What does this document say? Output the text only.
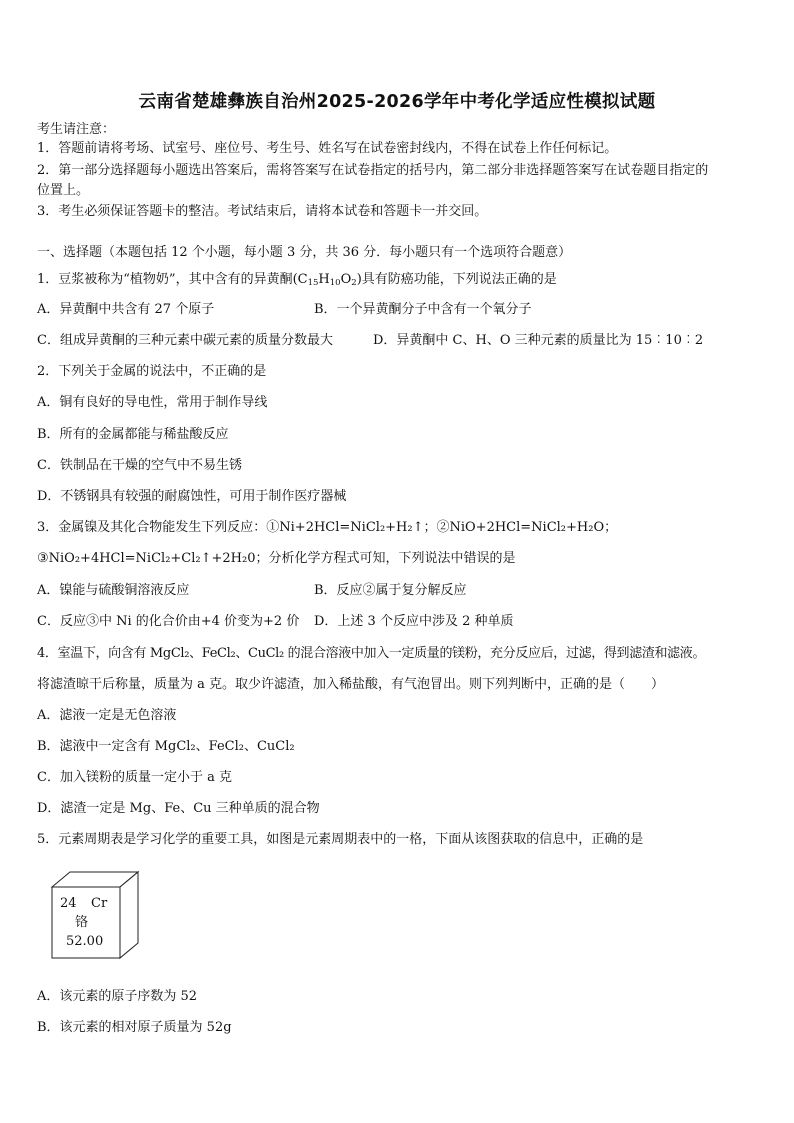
云南省楚雄彝族自治州2025-2026学年中考化学适应性模拟试题
考生请注意：
1．答题前请将考场、试室号、座位号、考生号、姓名写在试卷密封线内，不得在试卷上作任何标记。
2．第一部分选择题每小题选出答案后，需将答案写在试卷指定的括号内，第二部分非选择题答案写在试卷题目指定的
位置上。
3．考生必须保证答题卡的整洁。考试结束后，请将本试卷和答题卡一并交回。
一、选择题（本题包括 12 个小题，每小题 3 分，共 36 分．每小题只有一个选项符合题意）
1．豆浆被称为“植物奶”，其中含有的异黄酮$(C_{15}H_{10}O_2)$具有防癌功能，下列说法正确的是
A．异黄酮中共含有 27 个原子	B．一个异黄酮分子中含有一个氧分子
C．组成异黄酮的三种元素中碳元素的质量分数最大	D．异黄酮中 C、H、O 三种元素的质量比为 15︰10︰2
2．下列关于金属的说法中，不正确的是
A．铜有良好的导电性，常用于制作导线
B．所有的金属都能与稀盐酸反应
C．铁制品在干燥的空气中不易生锈
D．不锈钢具有较强的耐腐蚀性，可用于制作医疗器械
3．金属镍及其化合物能发生下列反应：①Ni+2HCl=NiCl₂+H₂↑；②NiO+2HCl=NiCl₂+H₂O；
③NiO₂+4HCl=NiCl₂+Cl₂↑+2H₂0；分析化学方程式可知，下列说法中错误的是
A．镍能与硫酸铜溶液反应	B．反应②属于复分解反应
C．反应③中 Ni 的化合价由+4 价变为+2 价 D．上述 3 个反应中涉及 2 种单质
4．室温下，向含有 MgCl₂、FeCl₂、CuCl₂ 的混合溶液中加入一定质量的镁粉，充分反应后，过滤，得到滤渣和滤液。
将滤渣晾干后称量，质量为 a 克。取少许滤渣，加入稀盐酸，有气泡冒出。则下列判断中，正确的是（　　）
A．滤液一定是无色溶液
B．滤液中一定含有 MgCl₂、FeCl₂、CuCl₂
C．加入镁粉的质量一定小于 a 克
D．滤渣一定是 Mg、Fe、Cu 三种单质的混合物
5．元素周期表是学习化学的重要工具，如图是元素周期表中的一格，下面从该图获取的信息中，正确的是
24 Cr
铬
52.00
A．该元素的原子序数为 52
B．该元素的相对原子质量为 52g
